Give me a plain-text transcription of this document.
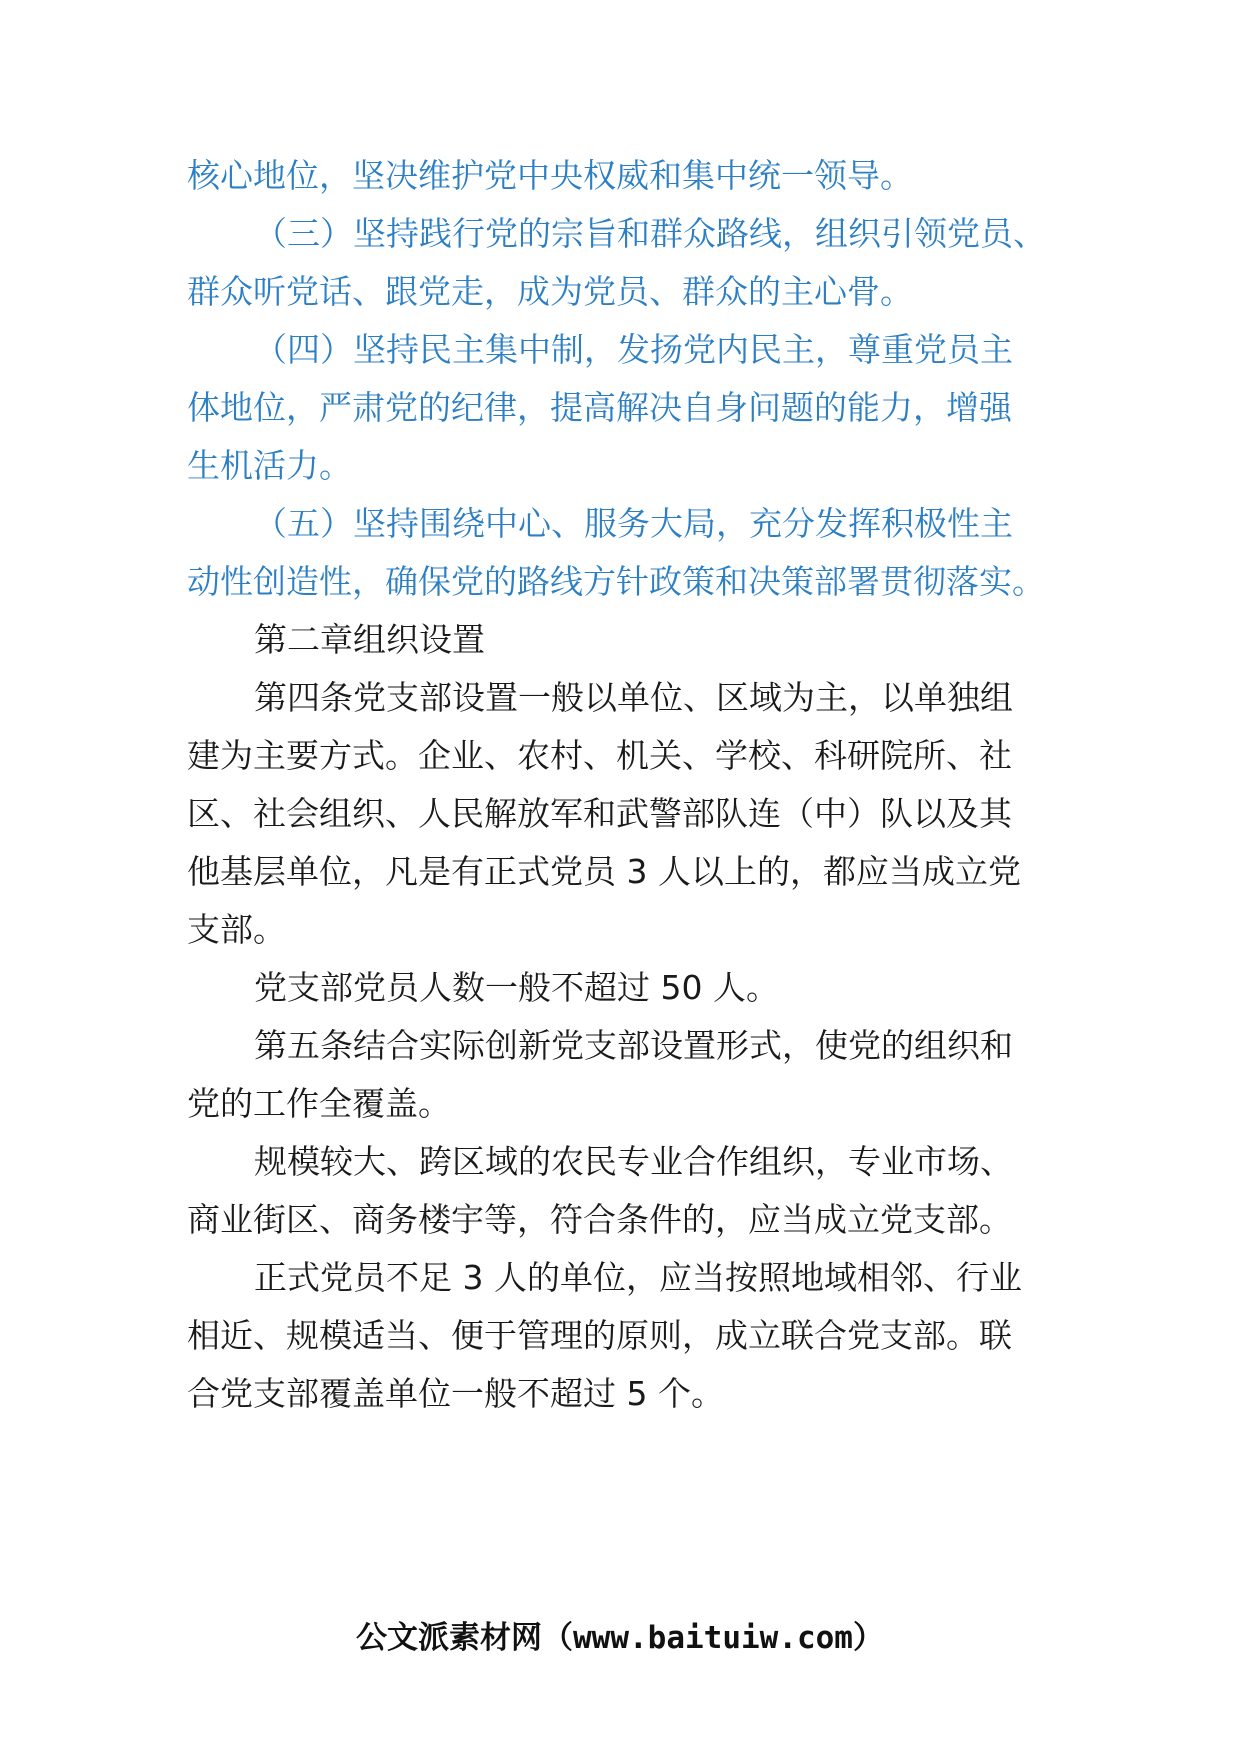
核心地位，坚决维护党中央权威和集中统一领导。

（三）坚持践行党的宗旨和群众路线，组织引领党员、

群众听党话、跟党走，成为党员、群众的主心骨。

（四）坚持民主集中制，发扬党内民主，尊重党员主

体地位，严肃党的纪律，提高解决自身问题的能力，增强

生机活力。

（五）坚持围绕中心、服务大局，充分发挥积极性主

动性创造性，确保党的路线方针政策和决策部署贯彻落实。

第二章组织设置

第四条党支部设置一般以单位、区域为主，以单独组

建为主要方式。企业、农村、机关、学校、科研院所、社

区、社会组织、人民解放军和武警部队连（中）队以及其

他基层单位，凡是有正式党员 3 人以上的，都应当成立党

支部。

党支部党员人数一般不超过 50 人。

第五条结合实际创新党支部设置形式，使党的组织和

党的工作全覆盖。

规模较大、跨区域的农民专业合作组织，专业市场、

商业街区、商务楼宇等，符合条件的，应当成立党支部。

正式党员不足 3 人的单位，应当按照地域相邻、行业

相近、规模适当、便于管理的原则，成立联合党支部。联

合党支部覆盖单位一般不超过 5 个。

公文派素材网（www.baituiw.com）
